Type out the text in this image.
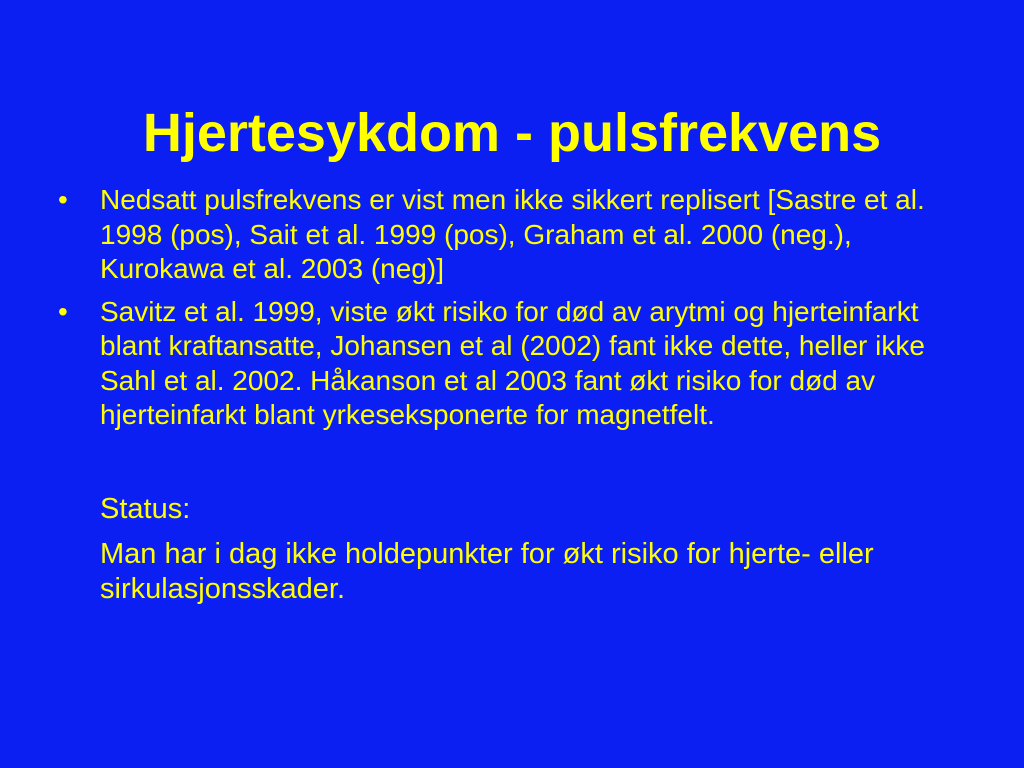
Hjertesykdom - pulsfrekvens
•	Nedsatt pulsfrekvens er vist men ikke sikkert replisert [Sastre et al. 1998 (pos), Sait et al. 1999 (pos), Graham et al. 2000 (neg.), Kurokawa et al. 2003 (neg)]
•	Savitz et al. 1999, viste økt risiko for død av arytmi og hjerteinfarkt blant kraftansatte, Johansen et al (2002) fant ikke dette, heller ikke Sahl et al. 2002. Håkanson et al 2003 fant økt risiko for død av hjerteinfarkt blant yrkeseksponerte for magnetfelt.

Status:

Man har i dag ikke holdepunkter for økt risiko for hjerte- eller sirkulasjonsskader.
